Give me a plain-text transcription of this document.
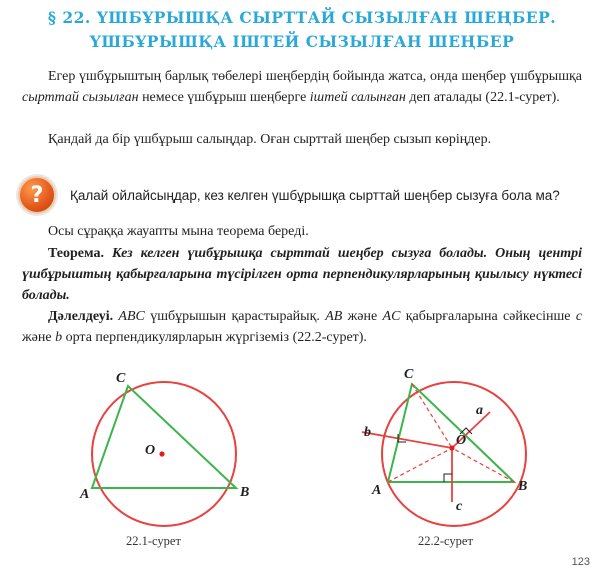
§ 22. ҮШБҰРЫШҚА СЫРТТАЙ СЫЗЫЛҒАН ШЕҢБЕР.
ҮШБҰРЫШҚА ІШТЕЙ СЫЗЫЛҒАН ШЕҢБЕР
Егер үшбұрыштың барлық төбелері шеңбердің бойында жатса, онда шеңбер үшбұрышқа сырттай сызылған немесе үшбұрыш шеңберге іштей салынған деп аталады (22.1-сурет).
Қандай да бір үшбұрыш салыңдар. Оған сырттай шеңбер сызып көріңдер.
?	Қалай ойлайсыңдар, кез келген үшбұрышқа сырттай шеңбер сызуға бола ма?
Осы сұраққа жауапты мына теорема береді.
Теорема. Кез келген үшбұрышқа сырттай шеңбер сызуға болады. Оның центрі үшбұрыштың қабырғаларына түсірілген орта перпендикулярларының қиылысу нүктесі болады.
Дәлелдеуі. ABC үшбұрышын қарастырайық. AB және AC қабырғаларына сәйкесінше c және b орта перпендикулярларын жүргіземіз (22.2-сурет).
C
A	B
O
22.1-сурет
C
A	B
O
a
b
c
22.2-сурет
123
